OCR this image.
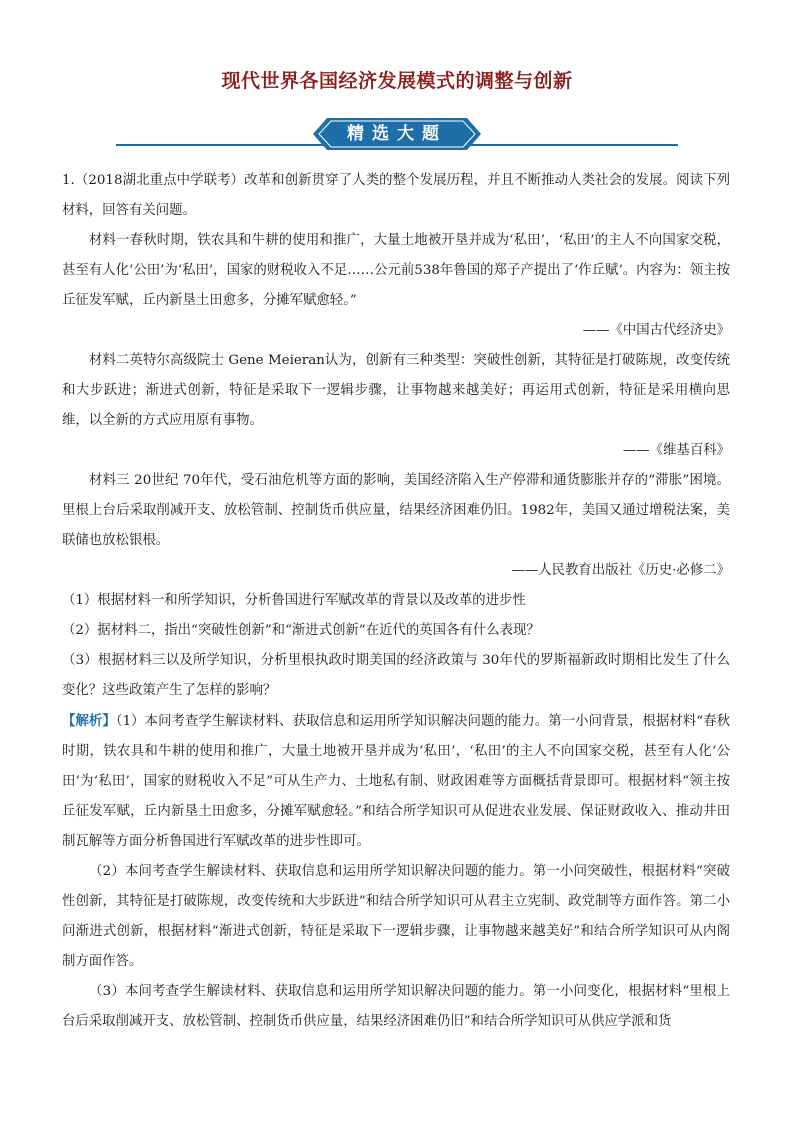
现代世界各国经济发展模式的调整与创新
精选大题

1.（2018湖北重点中学联考）改革和创新贯穿了人类的整个发展历程，并且不断推动人类社会的发展。阅读下列材料，回答有关问题。

材料一春秋时期，铁农具和牛耕的使用和推广，大量土地被开垦并成为‘私田’，‘私田’的主人不向国家交税，甚至有人化‘公田’为‘私田’，国家的财税收入不足……公元前538年鲁国的郑子产提出了‘作丘赋’。内容为：领主按丘征发军赋，丘内新垦土田愈多，分摊军赋愈轻。”

——《中国古代经济史》

材料二英特尔高级院士 Gene Meieran认为，创新有三种类型：突破性创新，其特征是打破陈规，改变传统和大步跃进；渐进式创新，特征是采取下一逻辑步骤，让事物越来越美好；再运用式创新，特征是采用横向思维，以全新的方式应用原有事物。

——《维基百科》

材料三 20世纪 70年代，受石油危机等方面的影响，美国经济陷入生产停滞和通货膨胀并存的“滞胀”困境。里根上台后采取削减开支、放松管制、控制货币供应量，结果经济困难仍旧。1982年，美国又通过增税法案，美联储也放松银根。

——人民教育出版社《历史·必修二》

（1）根据材料一和所学知识，分析鲁国进行军赋改革的背景以及改革的进步性

（2）据材料二，指出“突破性创新”和“渐进式创新”在近代的英国各有什么表现？

（3）根据材料三以及所学知识，分析里根执政时期美国的经济政策与 30年代的罗斯福新政时期相比发生了什么变化？这些政策产生了怎样的影响？

【解析】（1）本问考查学生解读材料、获取信息和运用所学知识解决问题的能力。第一小问背景，根据材料“春秋时期，铁农具和牛耕的使用和推广，大量土地被开垦并成为‘私田’，‘私田’的主人不向国家交税，甚至有人化‘公田’为‘私田’，国家的财税收入不足”可从生产力、土地私有制、财政困难等方面概括背景即可。根据材料“领主按丘征发军赋，丘内新垦土田愈多，分摊军赋愈轻。”和结合所学知识可从促进农业发展、保证财政收入、推动井田制瓦解等方面分析鲁国进行军赋改革的进步性即可。

（2）本问考查学生解读材料、获取信息和运用所学知识解决问题的能力。第一小问突破性，根据材料“突破性创新，其特征是打破陈规，改变传统和大步跃进”和结合所学知识可从君主立宪制、政党制等方面作答。第二小问渐进式创新，根据材料“渐进式创新，特征是采取下一逻辑步骤，让事物越来越美好”和结合所学知识可从内阁制方面作答。

（3）本问考查学生解读材料、获取信息和运用所学知识解决问题的能力。第一小问变化，根据材料“里根上台后采取削减开支、放松管制、控制货币供应量，结果经济困难仍旧”和结合所学知识可从供应学派和货
